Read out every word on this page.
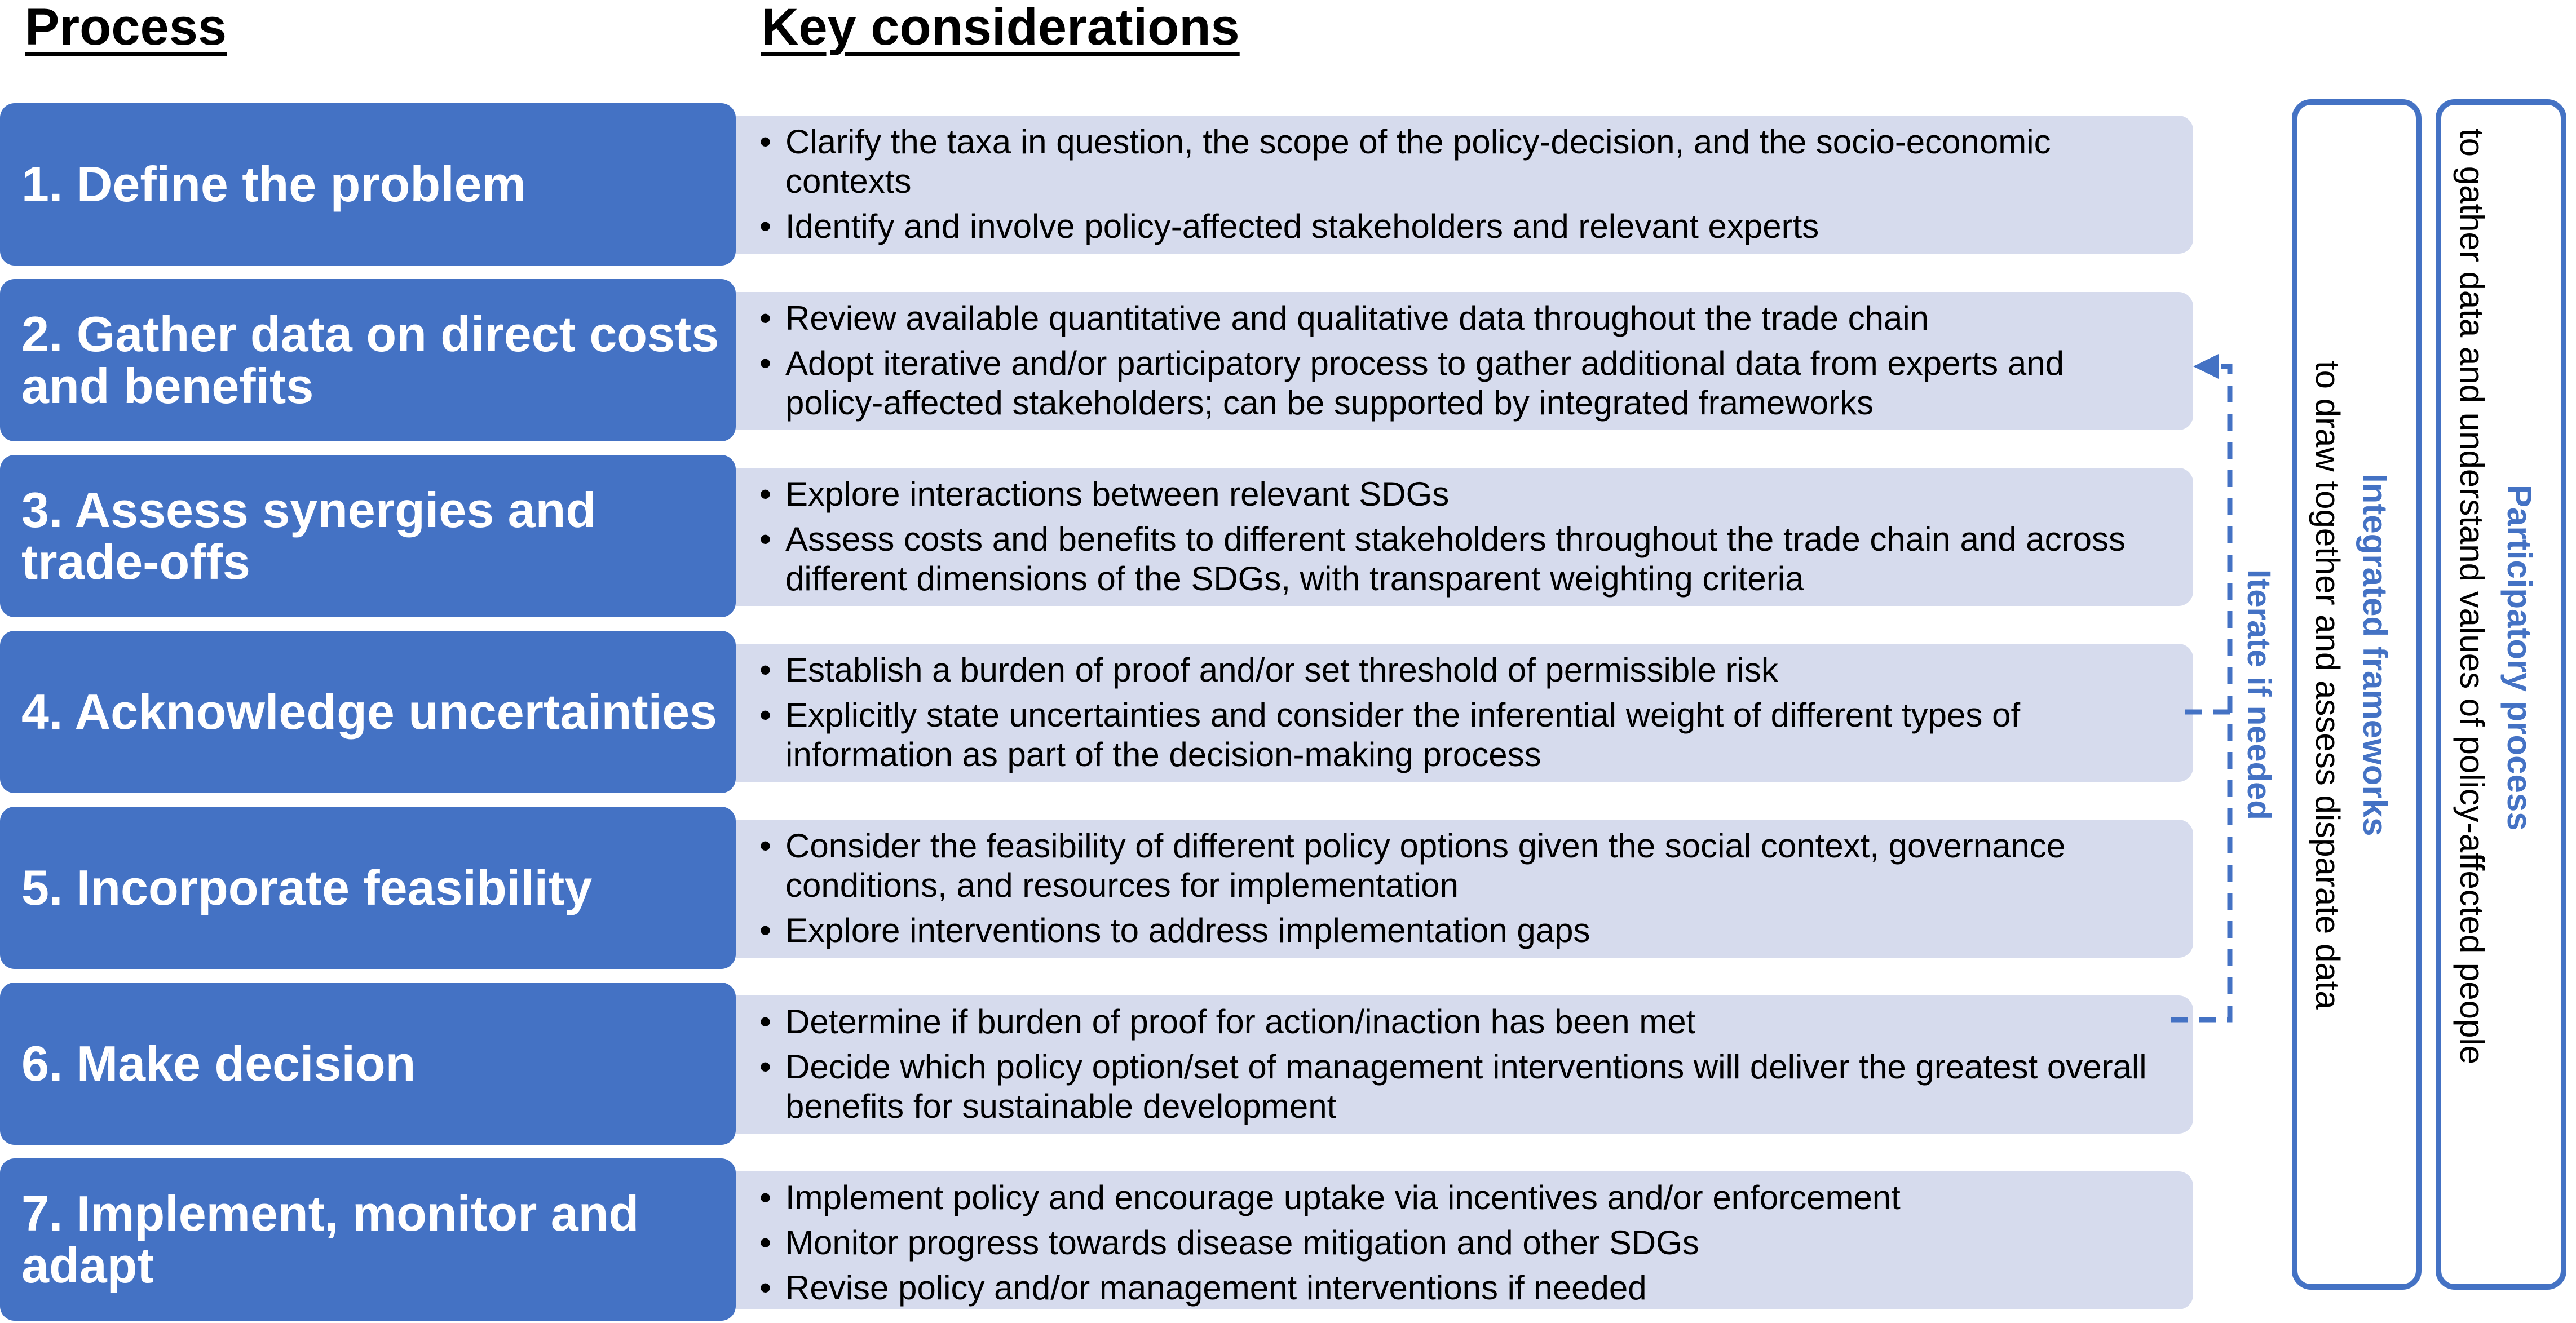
Process	Key considerations
1. Define the problem
• Clarify the taxa in question, the scope of the policy-decision, and the socio-economic contexts
• Identify and involve policy-affected stakeholders and relevant experts
2. Gather data on direct costs and benefits
• Review available quantitative and qualitative data throughout the trade chain
• Adopt iterative and/or participatory process to gather additional data from experts and policy-affected stakeholders; can be supported by integrated frameworks
3. Assess synergies and trade-offs
• Explore interactions between relevant SDGs
• Assess costs and benefits to different stakeholders throughout the trade chain and across different dimensions of the SDGs, with transparent weighting criteria
4. Acknowledge uncertainties
• Establish a burden of proof and/or set threshold of permissible risk
• Explicitly state uncertainties and consider the inferential weight of different types of information as part of the decision-making process
5. Incorporate feasibility
• Consider the feasibility of different policy options given the social context, governance conditions, and resources for implementation
• Explore interventions to address implementation gaps
6. Make decision
• Determine if burden of proof for action/inaction has been met
• Decide which policy option/set of management interventions will deliver the greatest overall benefits for sustainable development
7. Implement, monitor and adapt
• Implement policy and encourage uptake via incentives and/or enforcement
• Monitor progress towards disease mitigation and other SDGs
• Revise policy and/or management interventions if needed
Iterate if needed Integrated frameworks
to draw together and assess disparate data	Participatory process
to gather data and understand values of policy-affected people
